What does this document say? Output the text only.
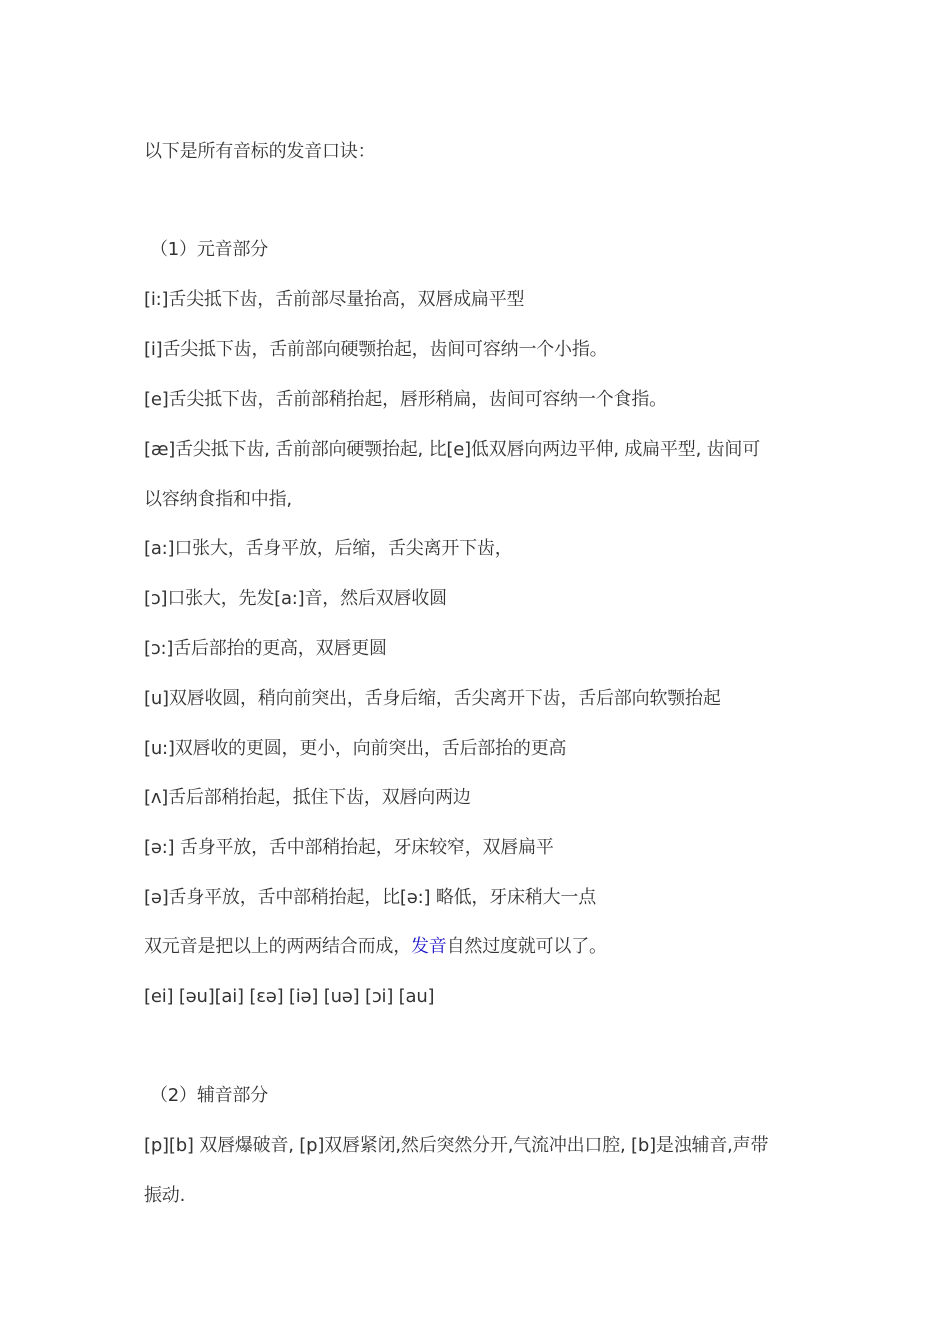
以下是所有音标的发音口诀：
（1）元音部分
[i:]舌尖抵下齿，舌前部尽量抬高，双唇成扁平型
[i]舌尖抵下齿，舌前部向硬颚抬起，齿间可容纳一个小指。
[e]舌尖抵下齿，舌前部稍抬起，唇形稍扁，齿间可容纳一个食指。
[æ]舌尖抵下齿, 舌前部向硬颚抬起, 比[e]低双唇向两边平伸, 成扁平型, 齿间可
以容纳食指和中指,
[a:]口张大，舌身平放，后缩，舌尖离开下齿，
[ɔ]口张大，先发[a:]音，然后双唇收圆
[ɔ:]舌后部抬的更高，双唇更圆
[u]双唇收圆，稍向前突出，舌身后缩，舌尖离开下齿，舌后部向软颚抬起
[u:]双唇收的更圆，更小，向前突出，舌后部抬的更高
[ʌ]舌后部稍抬起，抵住下齿，双唇向两边
[ə:] 舌身平放，舌中部稍抬起，牙床较窄，双唇扁平
[ə]舌身平放，舌中部稍抬起，比[ə:] 略低，牙床稍大一点
双元音是把以上的两两结合而成，发音自然过度就可以了。
[ei] [əu][ai] [εə] [iə] [uə] [ɔi] [au]
（2）辅音部分
[p][b] 双唇爆破音, [p]双唇紧闭,然后突然分开,气流冲出口腔, [b]是浊辅音,声带
振动.
